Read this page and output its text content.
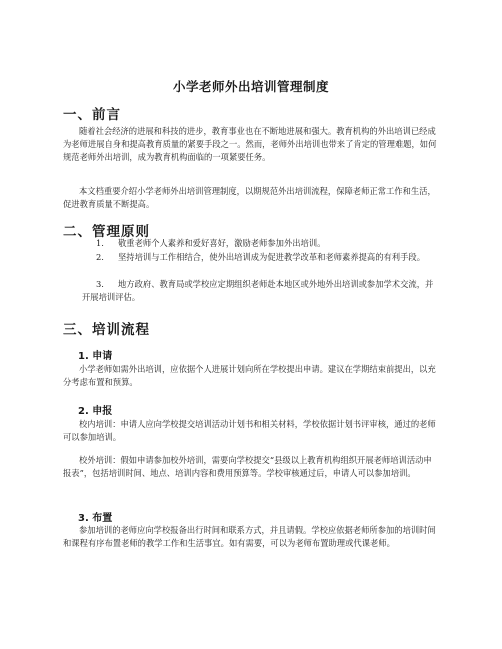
小学老师外出培训管理制度
一、前言

随着社会经济的进展和科技的进步，教育事业也在不断地进展和强大。教育机构的外出培训已经成为老师进展自身和提高教育质量的紧要手段之一。然而，老师外出培训也带来了肯定的管理难题，如何规范老师外出培训，成为教育机构面临的一项紧要任务。

本文档重要介绍小学老师外出培训管理制度，以期规范外出培训流程，保障老师正常工作和生活，促进教育质量不断提高。

二、管理原则
1. 敬重老师个人素养和爱好喜好，激励老师参加外出培训。
2. 坚持培训与工作相结合，使外出培训成为促进教学改革和老师素养提高的有利手段。
3. 地方政府、教育局或学校应定期组织老师赴本地区或外地外出培训或参加学术交流，并开展培训评估。
三、培训流程
1. 申请

小学老师如需外出培训，应依据个人进展计划向所在学校提出申请。建议在学期结束前提出，以充分考虑布置和预算。

2. 申报

校内培训：申请人应向学校提交培训活动计划书和相关材料，学校依据计划书评审核，通过的老师可以参加培训。

校外培训：假如申请参加校外培训，需要向学校提交“县级以上教育机构组织开展老师培训活动申报表”，包括培训时间、地点、培训内容和费用预算等。学校审核通过后，申请人可以参加培训。

3. 布置

参加培训的老师应向学校报备出行时间和联系方式，并且请假。学校应依据老师所参加的培训时间和课程有序布置老师的教学工作和生活事宜。如有需要，可以为老师布置助理或代课老师。
